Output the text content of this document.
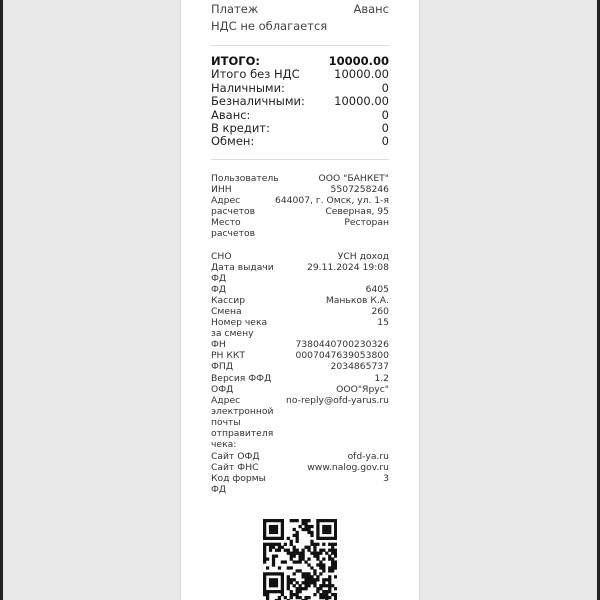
Платеж	Аванс
НДС не облагается
ИТОГО:	10000.00
Итого без НДС	10000.00
Наличными:	0
Безналичными:	10000.00
Аванс:	0
В кредит:	0
Обмен:	0
Пользователь	ООО "БАНКЕТ"
ИНН	5507258246
Адрес	644007, г. Омск, ул. 1-я
расчетов	Северная, 95
Место	Ресторан
расчетов
СНО	УСН доход
Дата выдачи	29.11.2024 19:08
ФД
ФД	6405
Кассир	Маньков К.А.
Смена	260
Номер чека	15
за смену
ФН	7380440700230326
РН ККТ	0007047639053800
ФПД	2034865737
Версия ФФД	1.2
ОФД	ООО"Ярус"
Адрес	no-reply@ofd-yarus.ru
электронной
почты
отправителя
чека:
Сайт ОФД	ofd-ya.ru
Сайт ФНС	www.nalog.gov.ru
Код формы	3
ФД
